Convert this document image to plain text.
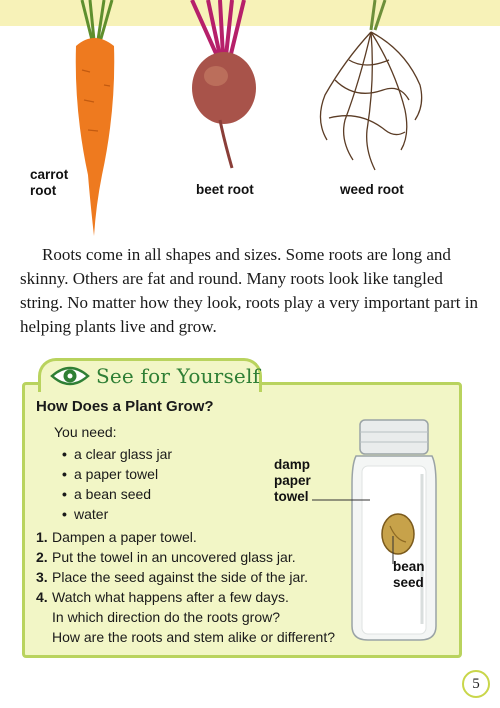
carrot
root	beet root	weed root
Roots come in all shapes and sizes. Some roots are long and skinny. Others are fat and round. Many roots look like tangled string. No matter how they look, roots play a very important part in helping plants live and grow.
See for Yourself
How Does a Plant Grow?
You need:
• a clear glass jar
• a paper towel
• a bean seed
• water
1. Dampen a paper towel.
2. Put the towel in an uncovered glass jar.
3. Place the seed against the side of the jar.
4. Watch what happens after a few days.
In which direction do the roots grow?
How are the roots and stem alike or different?
damp
paper
towel
bean
seed
5
